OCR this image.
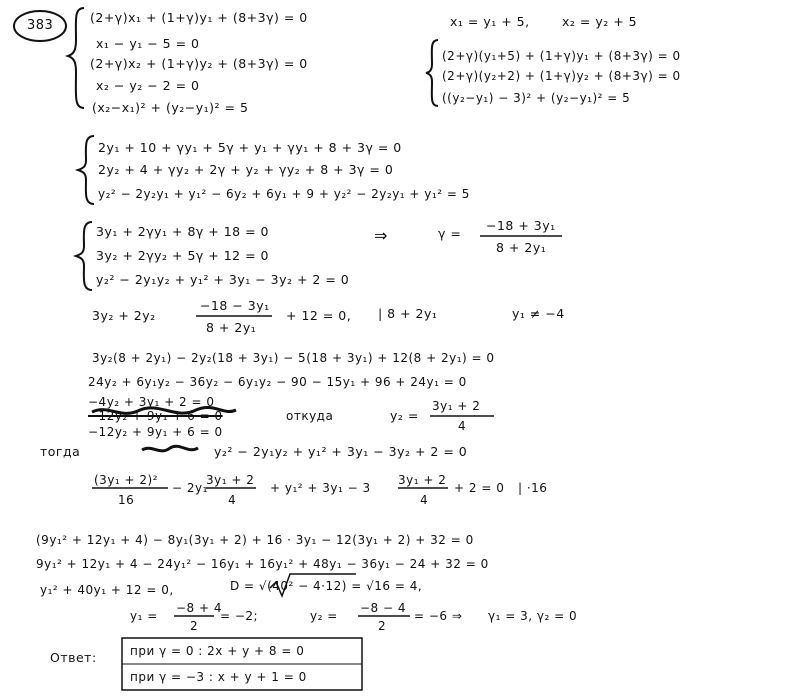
383
(2+γ)x₁ + (1+γ)y₁ + (8+3γ) = 0
x₁ − y₁ − 5 = 0
(2+γ)x₂ + (1+γ)y₂ + (8+3γ) = 0
x₂ − y₂ − 2 = 0
(x₂−x₁)² + (y₂−y₁)² = 5
x₁ = y₁ + 5,	x₂ = y₂ + 5
(2+γ)(y₁+5) + (1+γ)y₁ + (8+3γ) = 0
(2+γ)(y₂+2) + (1+γ)y₂ + (8+3γ) = 0
((y₂−y₁) − 3)² + (y₂−y₁)² = 5
2y₁ + 10 + γy₁ + 5γ + y₁ + γy₁ + 8 + 3γ = 0
2y₂ + 4 + γy₂ + 2γ + y₂ + γy₂ + 8 + 3γ = 0
y₂² − 2y₂y₁ + y₁² − 6y₂ + 6y₁ + 9 + y₂² − 2y₂y₁ + y₁² = 5
3y₁ + 2γy₁ + 8γ + 18 = 0
3y₂ + 2γy₂ + 5γ + 12 = 0
y₂² − 2y₁y₂ + y₁² + 3y₁ − 3y₂ + 2 = 0
⇒	γ =
−18 + 3y₁
8 + 2y₁
3y₂ + 2y₂
−18 − 3y₁
8 + 2y₁
+ 12 = 0, | 8 + 2y₁	y₁ ≠ −4
3y₂(8 + 2y₁) − 2y₂(18 + 3y₁) − 5(18 + 3y₁) + 12(8 + 2y₁) = 0
24y₂ + 6y₁y₂ − 36y₂ − 6y₁y₂ − 90 − 15y₁ + 96 + 24y₁ = 0
−4y₂ + 3y₁ + 2 = 0
−12y₂ + 9y₁ + 6 = 0
−12y₂ + 9y₁ + 6 = 0
откуда	y₂ =
3y₁ + 2
4
тогда	y₂² − 2y₁y₂ + y₁² + 3y₁ − 3y₂ + 2 = 0
(3y₁ + 2)²
16
− 2y₁
3y₁ + 2
4
+ y₁² + 3y₁ − 3
3y₁ + 2
4
+ 2 = 0 | ·16
(9y₁² + 12y₁ + 4) − 8y₁(3y₁ + 2) + 16 · 3y₁ − 12(3y₁ + 2) + 32 = 0
9y₁² + 12y₁ + 4 − 24y₁² − 16y₁ + 16y₁² + 48y₁ − 36y₁ − 24 + 32 = 0
y₁² + 40y₁ + 12 = 0,	D = √(40² − 4·12) = √16 = 4,
y₁ =
−8 + 4
2
= −2;	y₂ =
−8 − 4
2
= −6 ⇒ γ₁ = 3, γ₂ = 0
Ответ:	при γ = 0 : 2x + y + 8 = 0
при γ = −3 : x + y + 1 = 0
